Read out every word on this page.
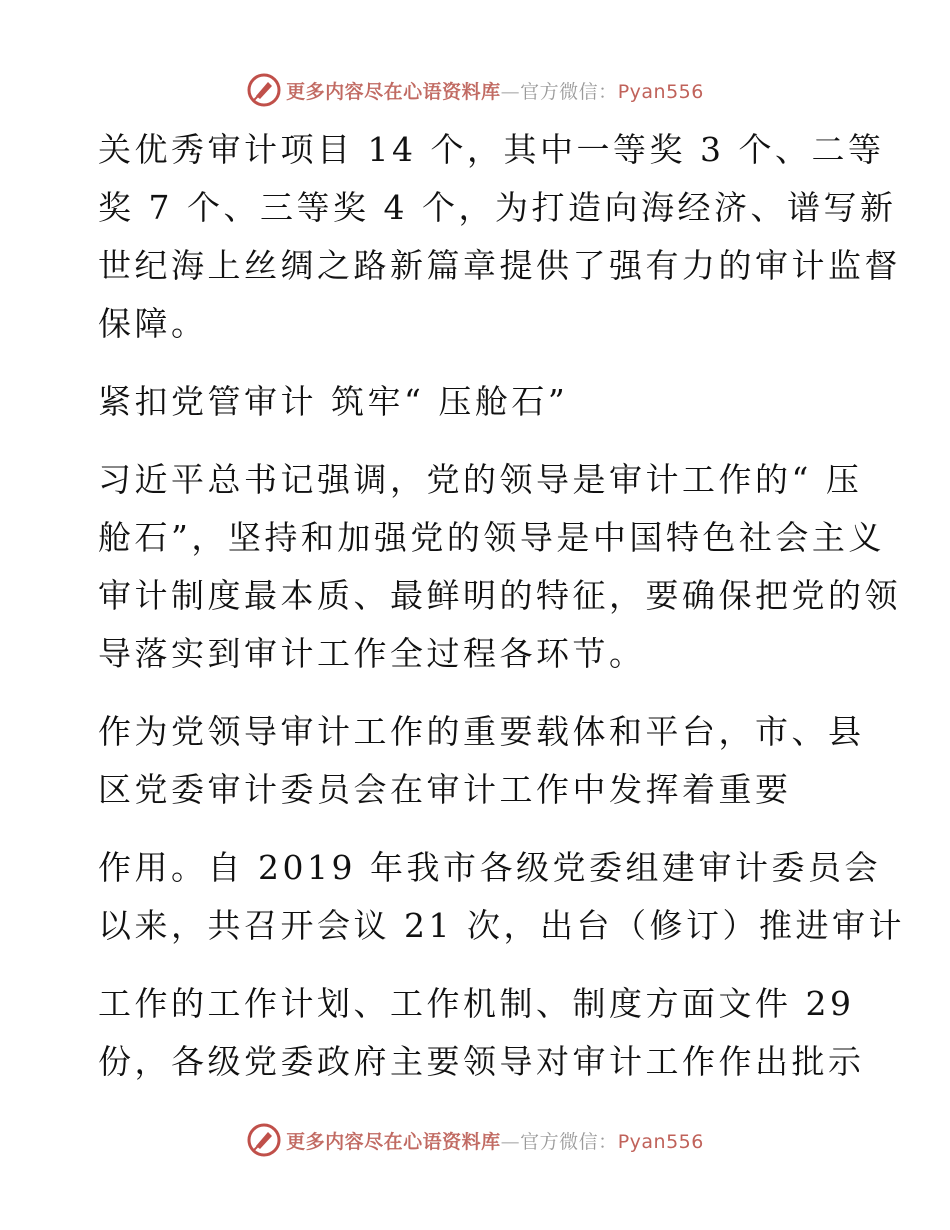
更多内容尽在心语资料库—官方微信：Pyan556

关优秀审计项目 14 个，其中一等奖 3 个、二等

奖 7 个、三等奖 4 个，为打造向海经济、谱写新

世纪海上丝绸之路新篇章提供了强有力的审计监督

保障。

紧扣党管审计 筑牢“ 压舱石”

习近平总书记强调，党的领导是审计工作的“ 压

舱石”，坚持和加强党的领导是中国特色社会主义

审计制度最本质、最鲜明的特征，要确保把党的领

导落实到审计工作全过程各环节。

作为党领导审计工作的重要载体和平台，市、县

区党委审计委员会在审计工作中发挥着重要

作用。自 2019 年我市各级党委组建审计委员会

以来，共召开会议 21 次，出台（修订）推进审计

工作的工作计划、工作机制、制度方面文件 29

份，各级党委政府主要领导对审计工作作出批示

更多内容尽在心语资料库—官方微信：Pyan556
